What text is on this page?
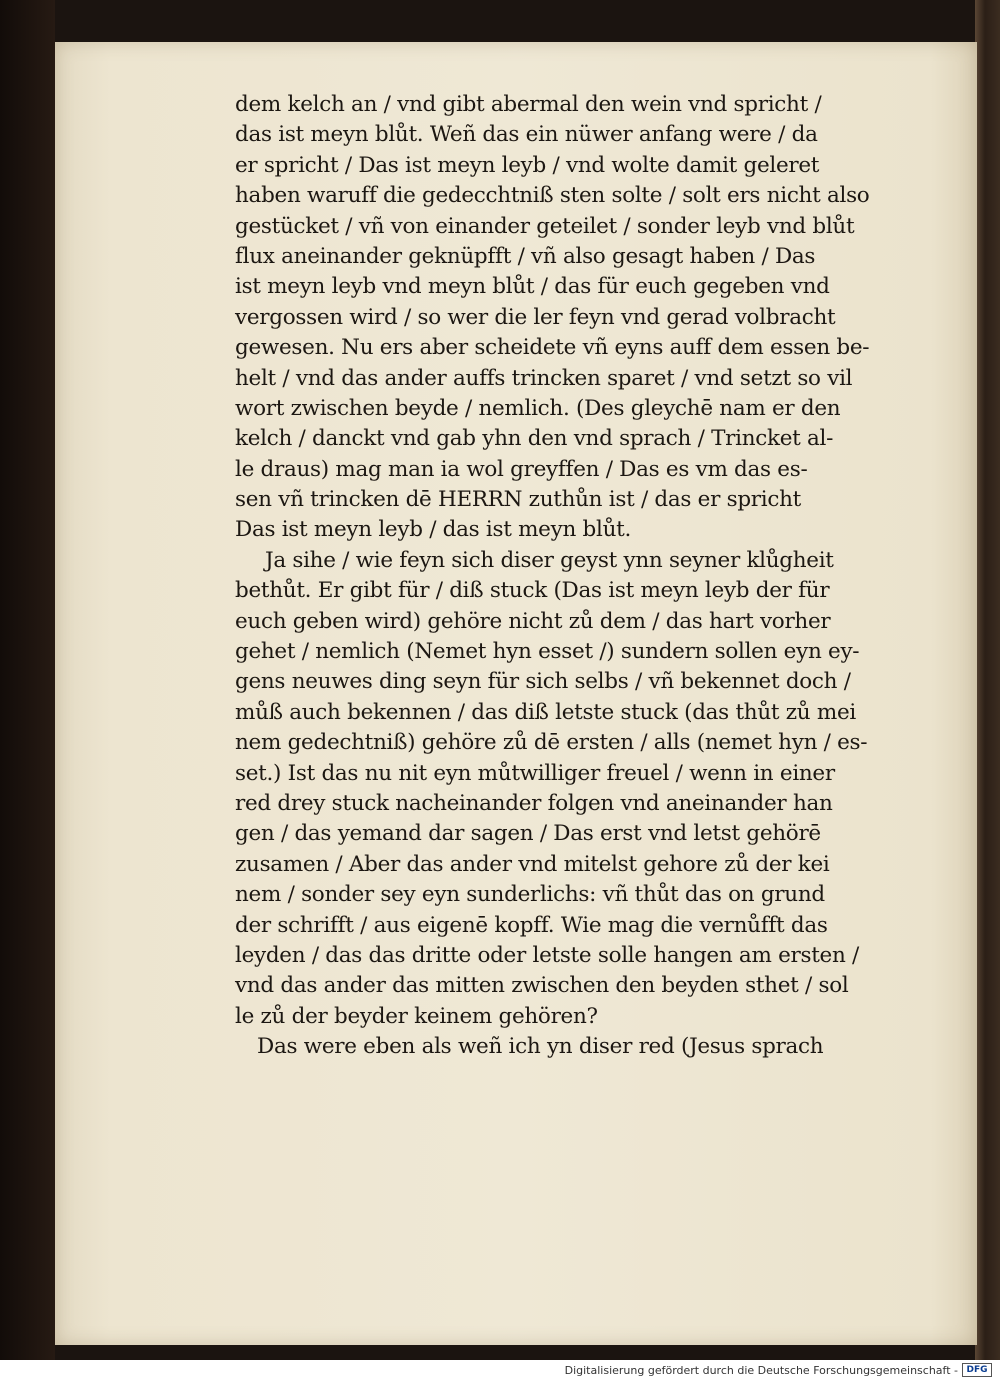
dem kelch an / vnd gibt abermal den wein vnd spricht /
das ist meyn blůt. Weñ das ein nüwer anfang were / da
er spricht / Das ist meyn leyb / vnd wolte damit geleret
haben waruff die gedecchtniß sten solte / solt ers nicht also
gestücket / vñ von einander geteilet / sonder leyb vnd blůt
flux aneinander geknüpfft / vñ also gesagt haben / Das
ist meyn leyb vnd meyn blůt / das für euch gegeben vnd
vergossen wird / so wer die ler feyn vnd gerad volbracht
gewesen. Nu ers aber scheidete vñ eyns auff dem essen be-
helt / vnd das ander auffs trincken sparet / vnd setzt so vil
wort zwischen beyde / nemlich. (Des gleychē nam er den
kelch / danckt vnd gab yhn den vnd sprach / Trincket al-
le draus) mag man ia wol greyffen / Das es vm das es-
sen vñ trincken dē HERRN zuthůn ist / das er spricht
Das ist meyn leyb / das ist meyn blůt.
Ja sihe / wie feyn sich diser geyst ynn seyner klůgheit
bethůt. Er gibt für / diß stuck (Das ist meyn leyb der für
euch geben wird) gehöre nicht zů dem / das hart vorher
gehet / nemlich (Nemet hyn esset /) sundern sollen eyn ey-
gens neuwes ding seyn für sich selbs / vñ bekennet doch /
můß auch bekennen / das diß letste stuck (das thůt zů mei
nem gedechtniß) gehöre zů dē ersten / alls (nemet hyn / es-
set.) Ist das nu nit eyn můtwilliger freuel / wenn in einer
red drey stuck nacheinander folgen vnd aneinander han
gen / das yemand dar sagen / Das erst vnd letst gehörē
zusamen / Aber das ander vnd mitelst gehore zů der kei
nem / sonder sey eyn sunderlichs: vñ thůt das on grund
der schrifft / aus eigenē kopff. Wie mag die vernůfft das
leyden / das das dritte oder letste solle hangen am ersten /
vnd das ander das mitten zwischen den beyden sthet / sol
le zů der beyder keinem gehören?
Das were eben als weñ ich yn diser red (Jesus sprach
Digitalisierung gefördert durch die Deutsche Forschungsgemeinschaft - DFG
